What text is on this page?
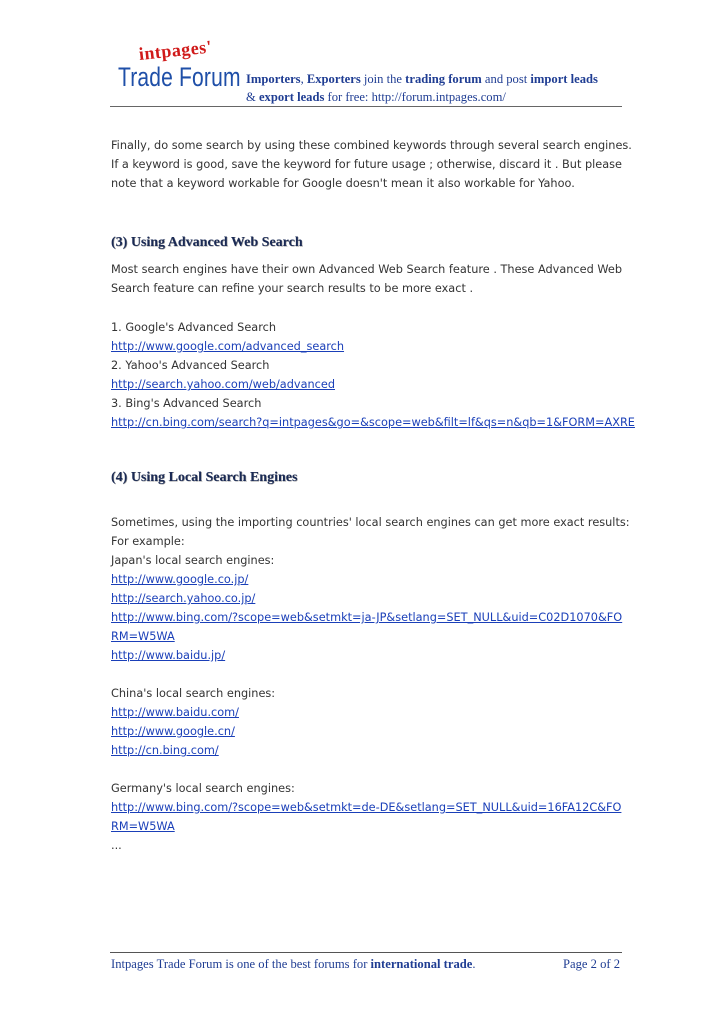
intpages'
Trade Forum Importers, Exporters join the trading forum and post import leads
& export leads for free: http://forum.intpages.com/
Finally, do some search by using these combined keywords through several search engines.
If a keyword is good, save the keyword for future usage ; otherwise, discard it . But please
note that a keyword workable for Google doesn't mean it also workable for Yahoo.
(3) Using Advanced Web Search
Most search engines have their own Advanced Web Search feature . These Advanced Web
Search feature can refine your search results to be more exact .
1. Google's Advanced Search
http://www.google.com/advanced_search
2. Yahoo's Advanced Search
http://search.yahoo.com/web/advanced
3. Bing's Advanced Search
http://cn.bing.com/search?q=intpages&go=&scope=web&filt=lf&qs=n&qb=1&FORM=AXRE
(4) Using Local Search Engines
Sometimes, using the importing countries' local search engines can get more exact results:
For example:
Japan's local search engines:
http://www.google.co.jp/
http://search.yahoo.co.jp/
http://www.bing.com/?scope=web&setmkt=ja-JP&setlang=SET_NULL&uid=C02D1070&FO
RM=W5WA
http://www.baidu.jp/
China's local search engines:
http://www.baidu.com/
http://www.google.cn/
http://cn.bing.com/
Germany's local search engines:
http://www.bing.com/?scope=web&setmkt=de-DE&setlang=SET_NULL&uid=16FA12C&FO
RM=W5WA
...
Intpages Trade Forum is one of the best forums for international trade.	Page 2 of 2
